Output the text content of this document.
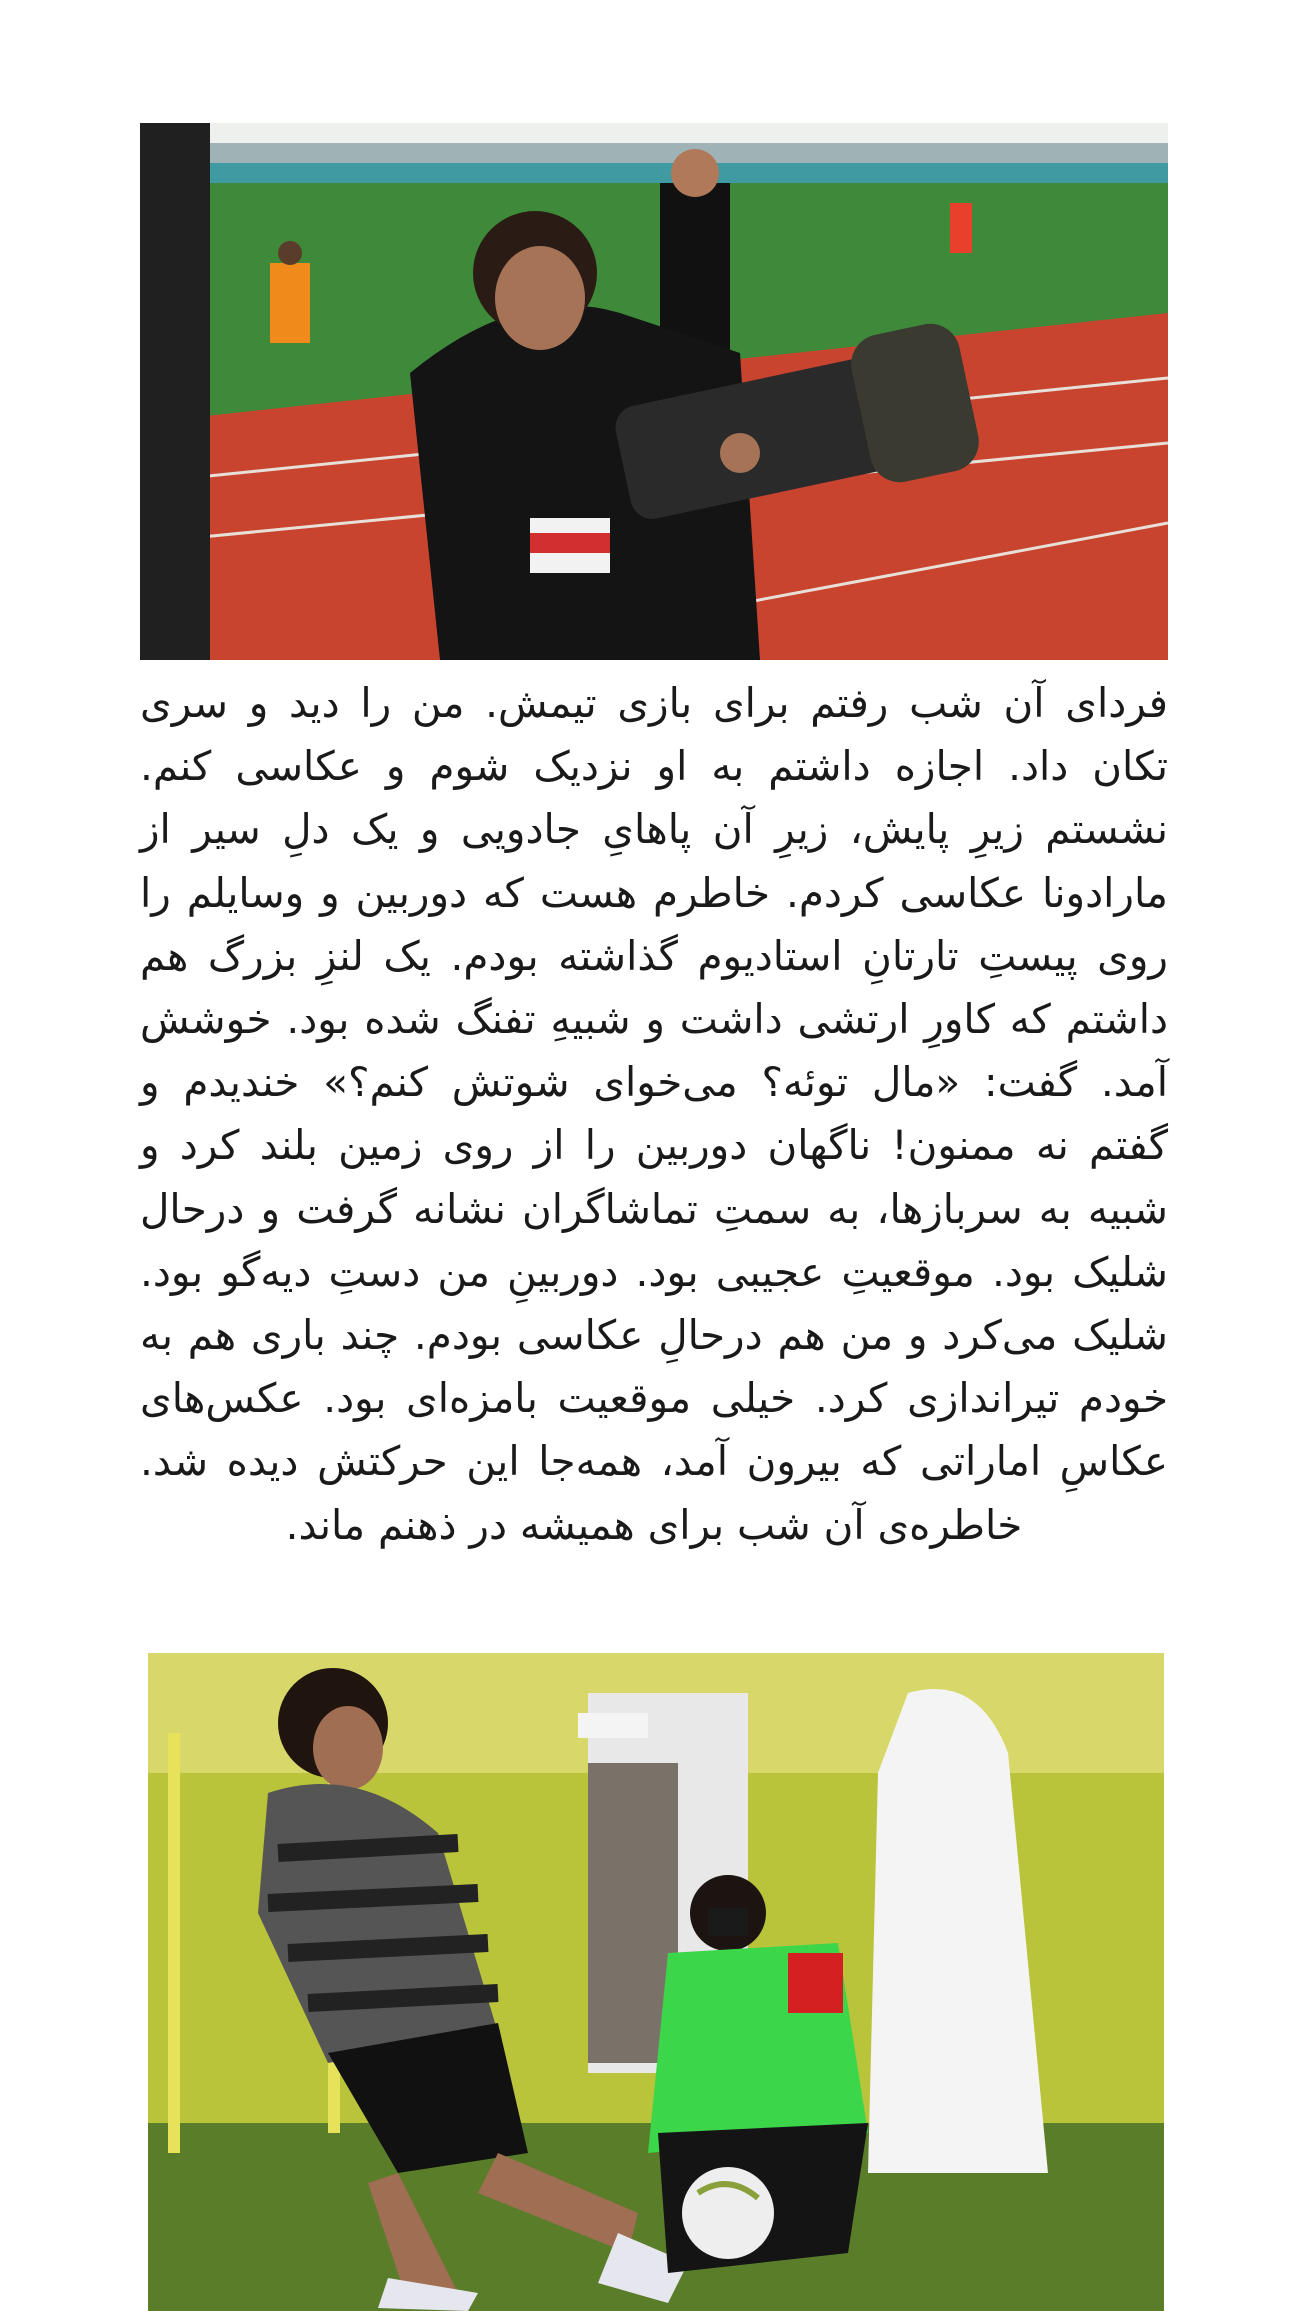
فردای آن شب رفتم برای بازی تیمش. من را دید و سری تکان داد. اجازه داشتم به او نزدیک شوم و عکاسی کنم. نشستم زیرِ پایش، زیرِ آن پاهایِ جادویی و یک دلِ سیر از مارادونا عکاسی کردم. خاطرم هست که دوربین و وسایلم را روی پیستِ تارتانِ استادیوم گذاشته بودم. یک لنزِ بزرگ هم داشتم که کاورِ ارتشی داشت و شبیهِ تفنگ شده بود. خوشش آمد. گفت: «مال توئه؟ می‌خوای شوتش کنم؟» خندیدم و گفتم نه ممنون! ناگهان دوربین را از روی زمین بلند کرد و شبیه به سربازها، به سمتِ تماشاگران نشانه گرفت و درحال شلیک بود. موقعیتِ عجیبی بود. دوربینِ من دستِ دیه‌گو بود. شلیک می‌کرد و من هم درحالِ عکاسی بودم. چند باری هم به خودم تیراندازی کرد. خیلی موقعیت بامزه‌ای بود. عکس‌های عکاسِ اماراتی که بیرون آمد، همه‌جا این حرکتش دیده شد. خاطره‌ی آن شب برای همیشه در ذهنم ماند.
